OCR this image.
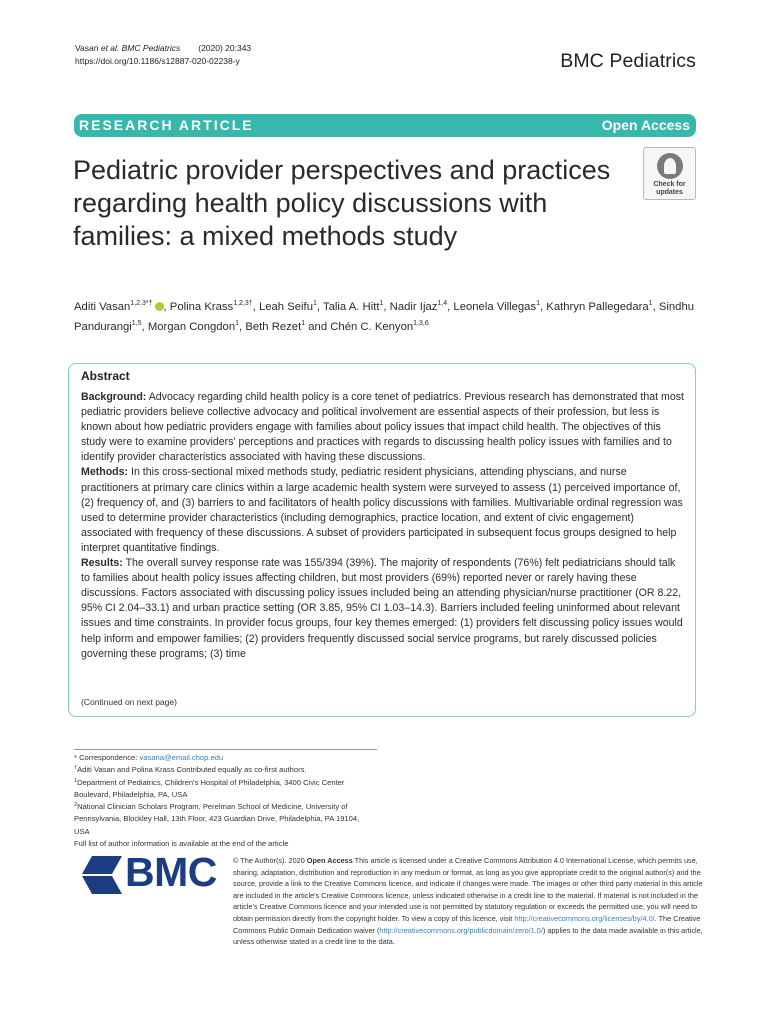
Vasan et al. BMC Pediatrics (2020) 20:343
https://doi.org/10.1186/s12887-020-02238-y	BMC Pediatrics
RESEARCH ARTICLE	Open Access
Pediatric provider perspectives and practices regarding health policy discussions with families: a mixed methods study
Check for
updates
Aditi Vasan$^{1,2,3*\dagger}$ , Polina Krass$^{1,2,3\dagger}$, Leah Seifu$^1$, Talia A. Hitt$^1$, Nadir Ijaz$^{1,4}$, Leonela Villegas$^1$, Kathryn Pallegedara$^1$, Sindhu Pandurangi$^{1,5}$, Morgan Congdon$^1$, Beth Rezet$^1$ and Chén C. Kenyon$^{1,3,6}$
Abstract

Background: Advocacy regarding child health policy is a core tenet of pediatrics. Previous research has demonstrated that most pediatric providers believe collective advocacy and political involvement are essential aspects of their profession, but less is known about how pediatric providers engage with families about policy issues that impact child health. The objectives of this study were to examine providers' perceptions and practices with regards to discussing health policy issues with families and to identify provider characteristics associated with having these discussions.

Methods: In this cross-sectional mixed methods study, pediatric resident physicians, attending physcians, and nurse practitioners at primary care clinics within a large academic health system were surveyed to assess (1) perceived importance of, (2) frequency of, and (3) barriers to and facilitators of health policy discussions with families. Multivariable ordinal regression was used to determine provider characteristics (including demographics, practice location, and extent of civic engagement) associated with frequency of these discussions. A subset of providers participated in subsequent focus groups designed to help interpret quantitative findings.

Results: The overall survey response rate was 155/394 (39%). The majority of respondents (76%) felt pediatricians should talk to families about health policy issues affecting children, but most providers (69%) reported never or rarely having these discussions. Factors associated with discussing policy issues included being an attending physician/nurse practitioner (OR 8.22, 95% CI 2.04–33.1) and urban practice setting (OR 3.85, 95% CI 1.03–14.3). Barriers included feeling uninformed about relevant issues and time constraints. In provider focus groups, four key themes emerged: (1) providers felt discussing policy issues would help inform and empower families; (2) providers frequently discussed social service programs, but rarely discussed policies governing these programs; (3) time

(Continued on next page)
* Correspondence: vasana@email.chop.edu
†Aditi Vasan and Polina Krass Contributed equally as co-first authors.
$^1$Department of Pediatrics, Children's Hospital of Philadelphia, 3400 Civic Center Boulevard, Philadelphia, PA, USA
$^2$National Clinician Scholars Program, Perelman School of Medicine, University of Pennsylvania, Blockley Hall, 13th Floor, 423 Guardian Drive, Philadelphia, PA 19104, USA
Full list of author information is available at the end of the article
BMC © The Author(s). 2020 Open Access This article is licensed under a Creative Commons Attribution 4.0 International License, which permits use, sharing, adaptation, distribution and reproduction in any medium or format, as long as you give appropriate credit to the original author(s) and the source, provide a link to the Creative Commons licence, and indicate if changes were made. The images or other third party material in this article are included in the article's Creative Commons licence, unless indicated otherwise in a credit line to the material. If material is not included in the article's Creative Commons licence and your intended use is not permitted by statutory regulation or exceeds the permitted use, you will need to obtain permission directly from the copyright holder. To view a copy of this licence, visit http://creativecommons.org/licenses/by/4.0/. The Creative Commons Public Domain Dedication waiver (http://creativecommons.org/publicdomain/zero/1.0/) applies to the data made available in this article, unless otherwise stated in a credit line to the data.
